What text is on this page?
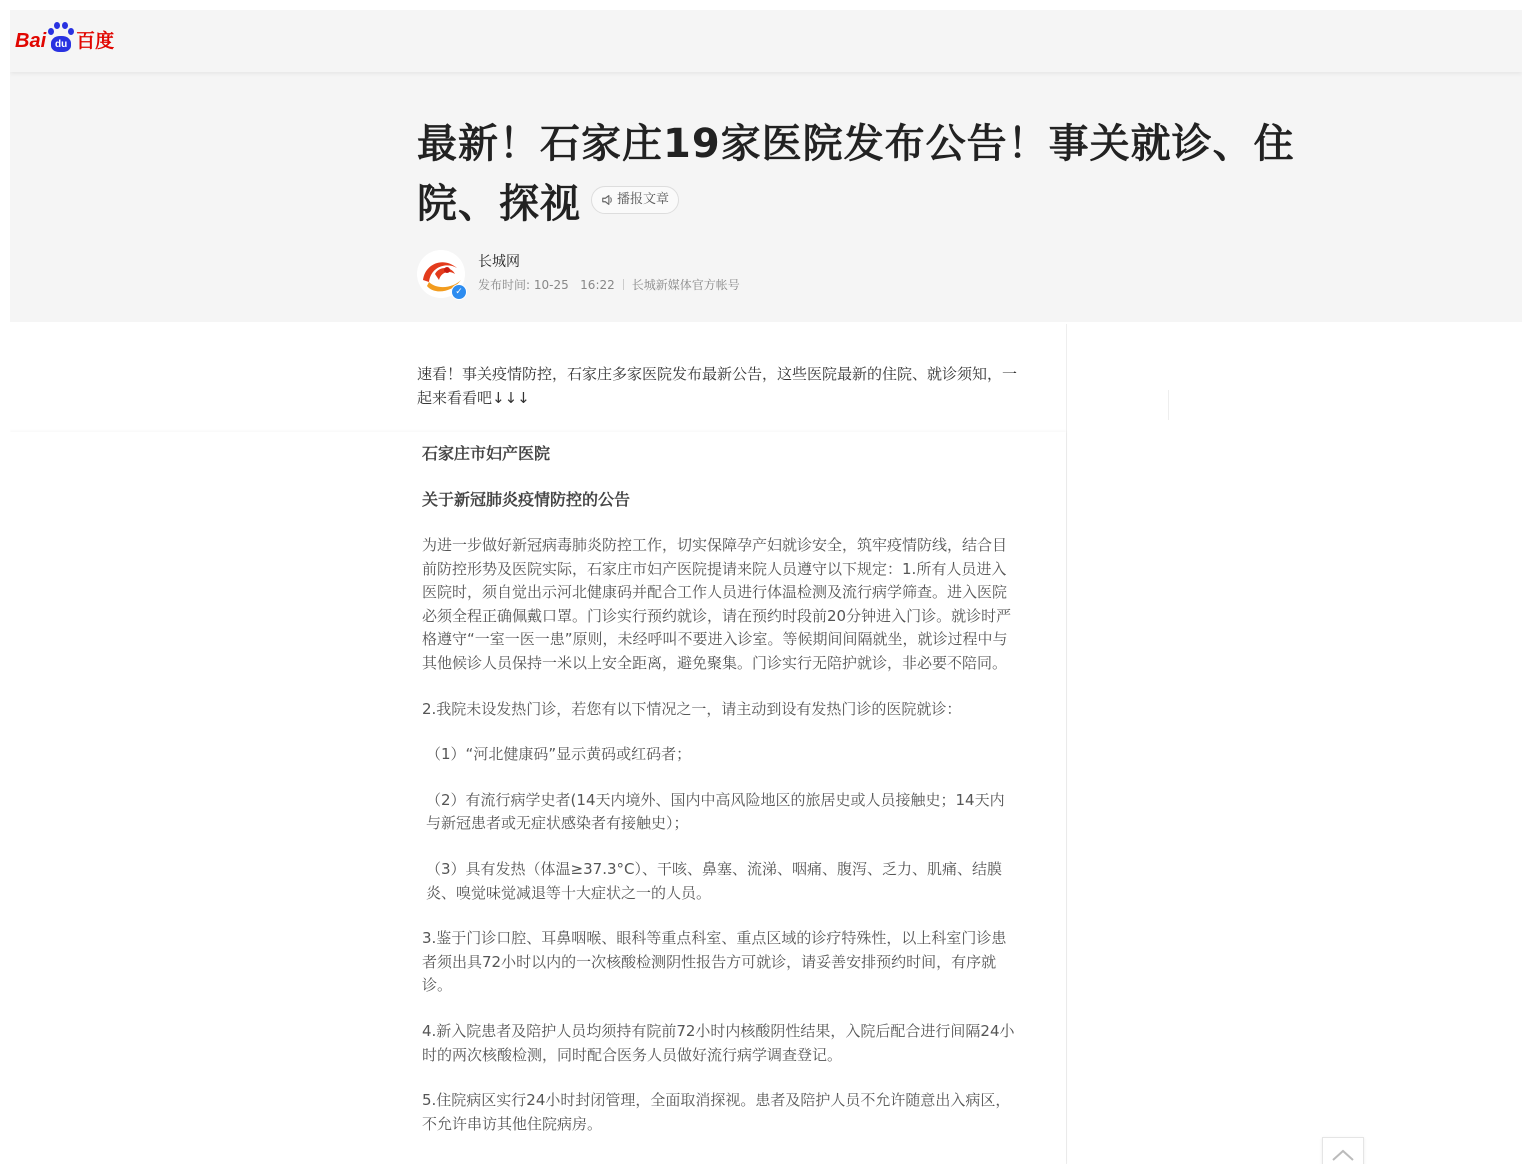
Bai du 百度
最新！石家庄19家医院发布公告！事关就诊、住院、探视	播报文章
✓
长城网
发布时间: 10-25   16:22 长城新媒体官方帐号
速看！事关疫情防控，石家庄多家医院发布最新公告，这些医院最新的住院、就诊须知，一起来看看吧↓↓↓
石家庄市妇产医院
关于新冠肺炎疫情防控的公告

为进一步做好新冠病毒肺炎防控工作，切实保障孕产妇就诊安全，筑牢疫情防线，结合目前防控形势及医院实际，石家庄市妇产医院提请来院人员遵守以下规定：1.所有人员进入医院时，须自觉出示河北健康码并配合工作人员进行体温检测及流行病学筛查。进入医院必须全程正确佩戴口罩。门诊实行预约就诊，请在预约时段前20分钟进入门诊。就诊时严格遵守“一室一医一患”原则，未经呼叫不要进入诊室。等候期间间隔就坐，就诊过程中与其他候诊人员保持一米以上安全距离，避免聚集。门诊实行无陪护就诊，非必要不陪同。

2.我院未设发热门诊，若您有以下情况之一，请主动到设有发热门诊的医院就诊：

（1）“河北健康码”显示黄码或红码者；

（2）有流行病学史者(14天内境外、国内中高风险地区的旅居史或人员接触史；14天内与新冠患者或无症状感染者有接触史）；

（3）具有发热（体温≥37.3°C）、干咳、鼻塞、流涕、咽痛、腹泻、乏力、肌痛、结膜炎、嗅觉味觉减退等十大症状之一的人员。

3.鉴于门诊口腔、耳鼻咽喉、眼科等重点科室、重点区域的诊疗特殊性，以上科室门诊患者须出具72小时以内的一次核酸检测阴性报告方可就诊，请妥善安排预约时间，有序就诊。

4.新入院患者及陪护人员均须持有院前72小时内核酸阴性结果，入院后配合进行间隔24小时的两次核酸检测，同时配合医务人员做好流行病学调查登记。

5.住院病区实行24小时封闭管理，全面取消探视。患者及陪护人员不允许随意出入病区，不允许串访其他住院病房。
